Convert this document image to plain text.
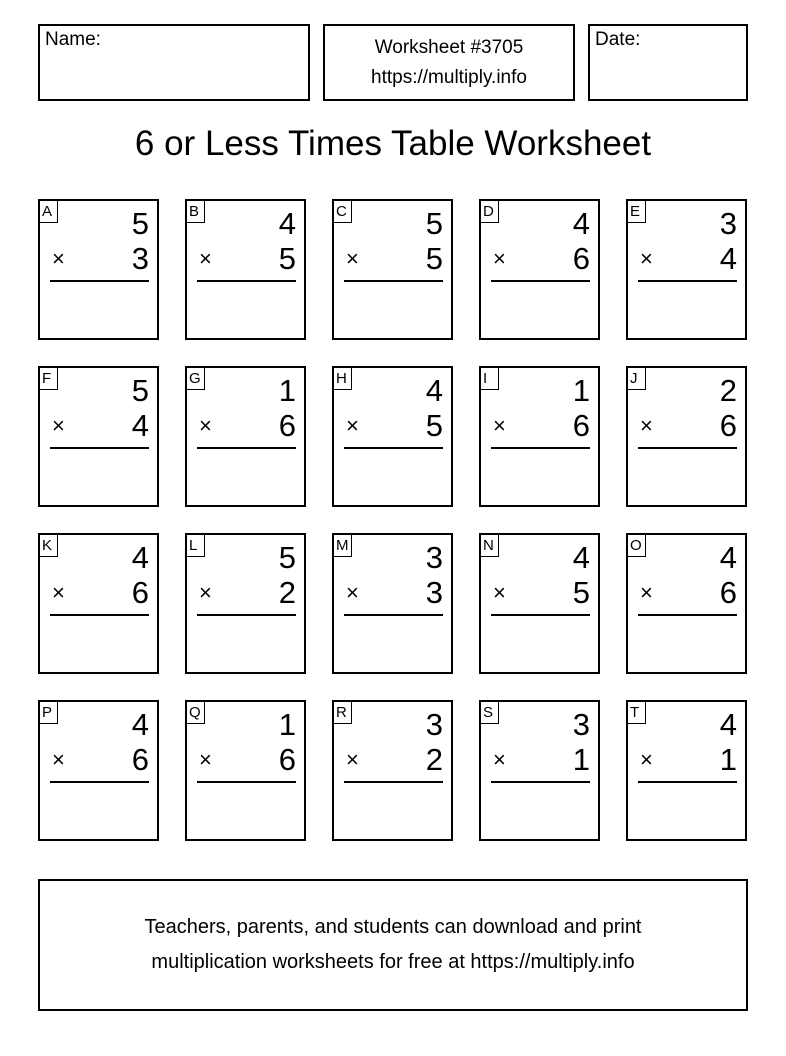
Name:	Worksheet #3705
https://multiply.info
Date:
6 or Less Times Table Worksheet
A	5
× 3
B	4
× 5
C	5
× 5
D	4
× 6
E	3
× 4
F	5
× 4
G	1
× 6
H	4
× 5
I	1
× 6
J	2
× 6
K	4
× 6
L	5
× 2
M 3
× 3
N	4
× 5
O	4
× 6
P	4
× 6
Q	1
× 6
R	3
× 2
S	3
× 1
T	4
× 1
Teachers, parents, and students can download and print
multiplication worksheets for free at https://multiply.info
